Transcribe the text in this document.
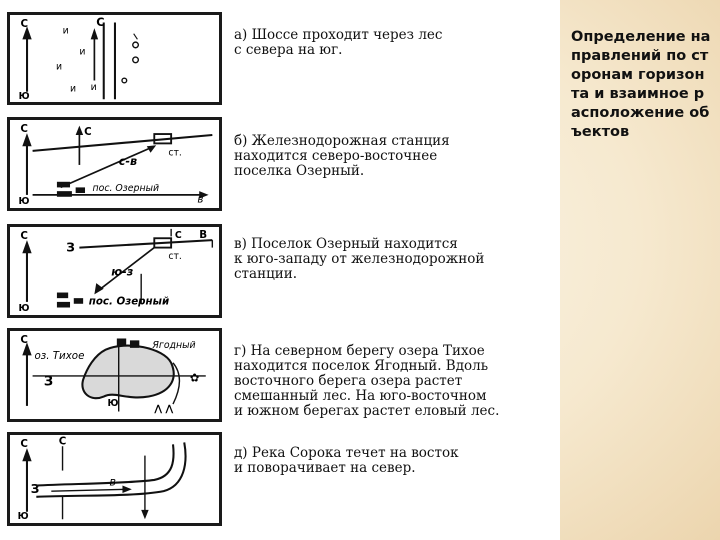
С
Ю
С
и
и
и
и и
а) Шоссе проходит через лес
с севера на юг.
С
Ю
С
с-в
ст.
пос. Озерный
в
б) Железнодорожная станция
находится северо-восточнее
поселка Озерный.
С
Ю
З
В
С
ст.
ю-з
пос. Озерный
в) Поселок Озерный находится
к юго-западу от железнодорожной
станции.
С
Ю
З
оз. Тихое
Ягодный
✿
⋀ ⋀
г) На северном берегу озера Тихое
находится поселок Ягодный. Вдоль
восточного берега озера растет
смешанный лес. На юго-восточном
и южном берегах растет еловый лес.
С
Ю
З
С
в
д) Река Сорока течет на восток
и поворачивает на север.
Определение направлений по сторонам горизонта и взаимное расположение объектов
